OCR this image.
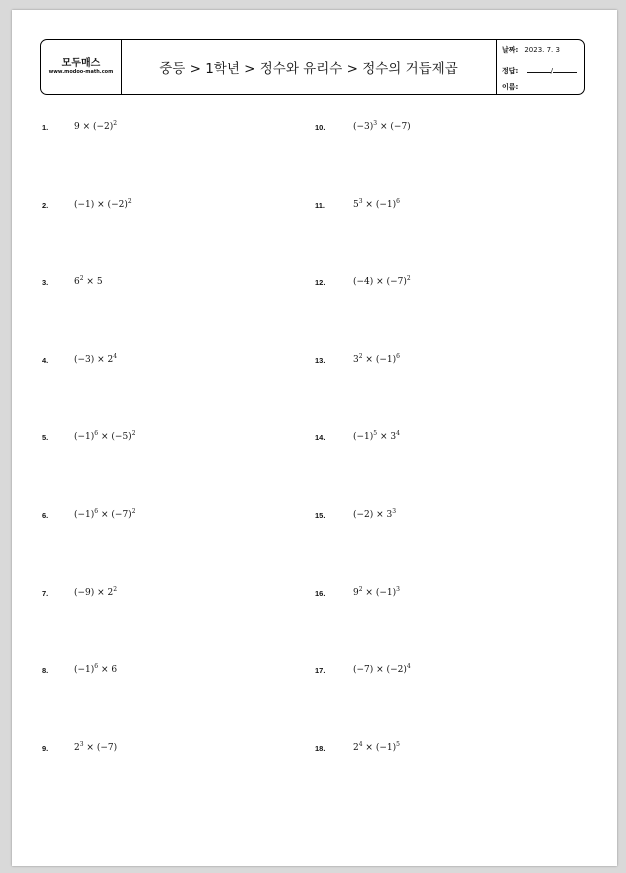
모두매스
www.modoo-math.com	중등 > 1학년 > 정수와 유리수 > 정수의 거듭제곱
날짜: 2023. 7. 3
정답:	/
이름:
1.	$9 \times (-2)^2$
2.	$(-1) \times (-2)^2$
3.	$6^2 \times 5$
4.	$(-3) \times 2^4$
5.	$(-1)^6 \times (-5)^2$
6.	$(-1)^6 \times (-7)^2$
7.	$(-9) \times 2^2$
8.	$(-1)^6 \times 6$
9.	$2^3 \times (-7)$
10.	$(-3)^3 \times (-7)$
11.	$5^3 \times (-1)^6$
12.	$(-4) \times (-7)^2$
13.	$3^2 \times (-1)^6$
14.	$(-1)^5 \times 3^4$
15.	$(-2) \times 3^3$
16.	$9^2 \times (-1)^3$
17.	$(-7) \times (-2)^4$
18.	$2^4 \times (-1)^5$
